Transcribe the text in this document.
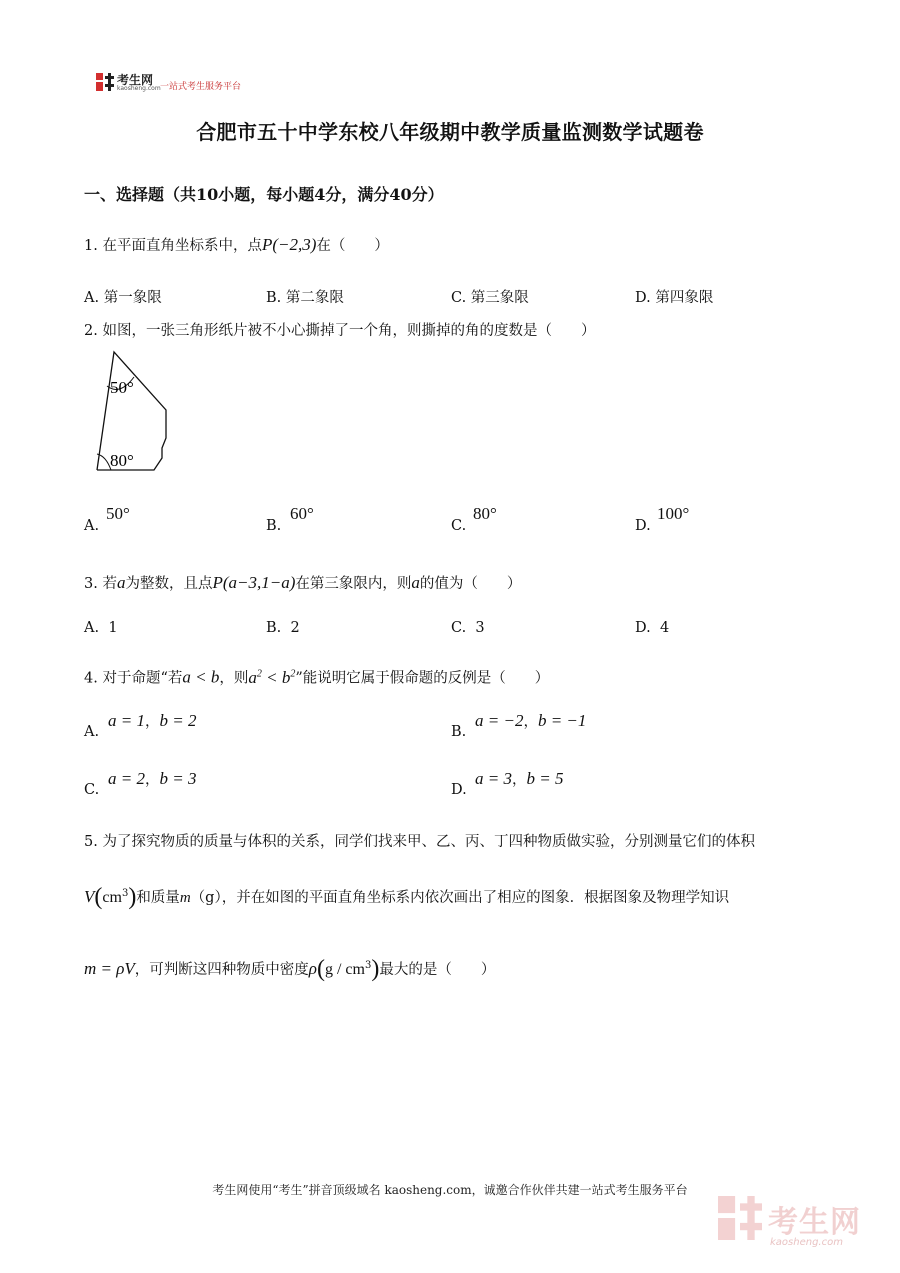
考生网
kaosheng.com 一站式考生服务平台
合肥市五十中学东校八年级期中教学质量监测数学试题卷
一、选择题（共10小题，每小题4分，满分40分）
1. 在平面直角坐标系中，点P(−2,3)在（　　）
A. 第一象限	B. 第二象限	C. 第三象限	D. 第四象限
2. 如图，一张三角形纸片被不小心撕掉了一个角，则撕掉的角的度数是（　　）
50°
80°
A.
50°
B.
60°
C.
80°
D.
100°
3. 若a为整数，且点P(a−3,1−a)在第三象限内，则a的值为（　　）
A. 1	B. 2	C. 3	D. 4
4. 对于命题“若a < b，则$a^2 < b^2$”能说明它属于假命题的反例是（　　）
A.
a = 1，b = 2
B.
a = −2，b = −1
C.
a = 2，b = 3
D.
a = 3，b = 5
5. 为了探究物质的质量与体积的关系，同学们找来甲、乙、丙、丁四种物质做实验，分别测量它们的体积
$V(cm^3)$和质量m（g），并在如图的平面直角坐标系内依次画出了相应的图象．根据图象及物理学知识
m = ρV，可判断这四种物质中密度$\rho(g / cm^3)$最大的是（　　）
考生网使用“考生”拼音顶级域名 kaosheng.com，诚邀合作伙伴共建一站式考生服务平台
考生网
kaosheng.com
